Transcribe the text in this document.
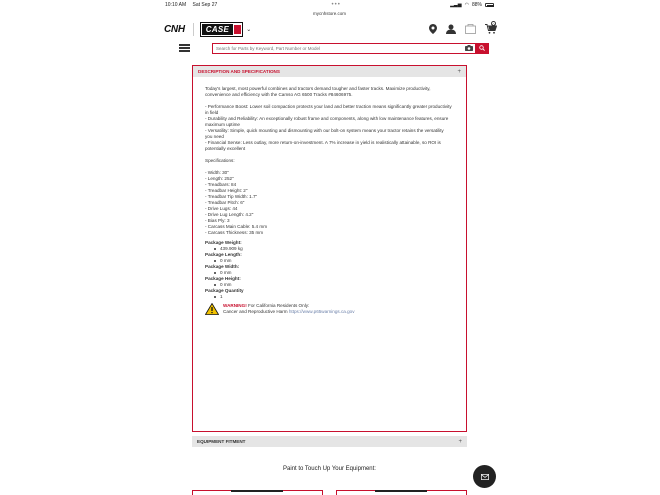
10:10 AM Sat Sep 27	•••	▂▃▅ ◠ 88%
mycnhstore.com
CNH	CASE	⌄
0
Search for Parts by Keyword, Part Number or Model
DESCRIPTION AND SPECIFICATIONS	+

Today's largest, most powerful combines and tractors demand tougher and faster tracks. Maximize productivity, convenience and efficiency with the Camso AG 6500 Tracks #84606975.

- Performance Boost: Lower soil compaction protects your land and better traction means significantly greater productivity in field

- Durability and Reliability: An exceptionally robust frame and components, along with low maintenance features, ensure maximum uptime

- Versatility: Simple, quick mounting and dismounting with our bolt-on system means your tractor retains the versatility you need

- Financial Sense: Less outlay, more return-on-investment. A 7% increase in yield is realistically attainable, so ROI is potentially excellent

Specifications:

- Width: 30"

- Length: 252"

- Treadbars: 84

- Treadbar Height: 2"

- Treadbar Tip Width: 1.7"

- Treadbar Pitch: 6"

- Drive Lugs: 44

- Drive Lug Length: 4.2"

- Bias Ply: 3

- Carcass Main Cable: 5.4 mm

- Carcass Thickness: 35 mm

Package Weight:

439.909 kg

Package Length:

0 mm

Package Width:

0 mm

Package Height:

0 mm

Package Quantity

1

WARNING! For California Residents Only:
Cancer and Reproductive Harm https://www.p65warnings.ca.gov
EQUIPMENT FITMENT	+
Paint to Touch Up Your Equipment:
